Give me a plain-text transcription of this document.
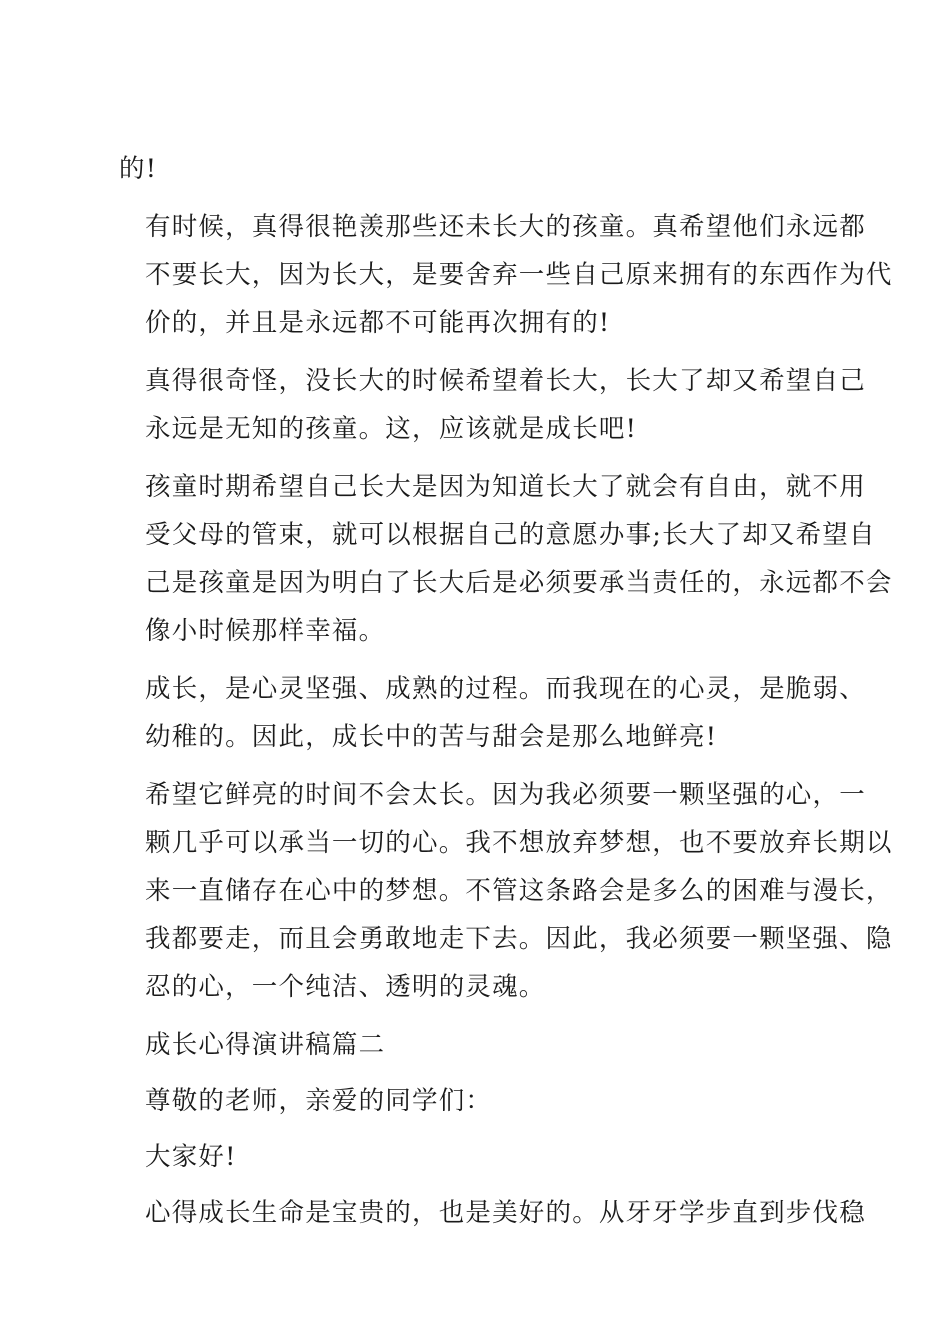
的!
有时候，真得很艳羡那些还未长大的孩童。真希望他们永远都
不要长大，因为长大，是要舍弃一些自己原来拥有的东西作为代
价的，并且是永远都不可能再次拥有的!
真得很奇怪，没长大的时候希望着长大，长大了却又希望自己
永远是无知的孩童。这，应该就是成长吧!
孩童时期希望自己长大是因为知道长大了就会有自由，就不用
受父母的管束，就可以根据自己的意愿办事;长大了却又希望自
己是孩童是因为明白了长大后是必须要承当责任的，永远都不会
像小时候那样幸福。
成长，是心灵坚强、成熟的过程。而我现在的心灵，是脆弱、
幼稚的。因此，成长中的苦与甜会是那么地鲜亮!
希望它鲜亮的时间不会太长。因为我必须要一颗坚强的心，一
颗几乎可以承当一切的心。我不想放弃梦想，也不要放弃长期以
来一直储存在心中的梦想。不管这条路会是多么的困难与漫长，
我都要走，而且会勇敢地走下去。因此，我必须要一颗坚强、隐
忍的心，一个纯洁、透明的灵魂。
成长心得演讲稿篇二
尊敬的老师，亲爱的同学们：
大家好!
心得成长生命是宝贵的，也是美好的。从牙牙学步直到步伐稳
